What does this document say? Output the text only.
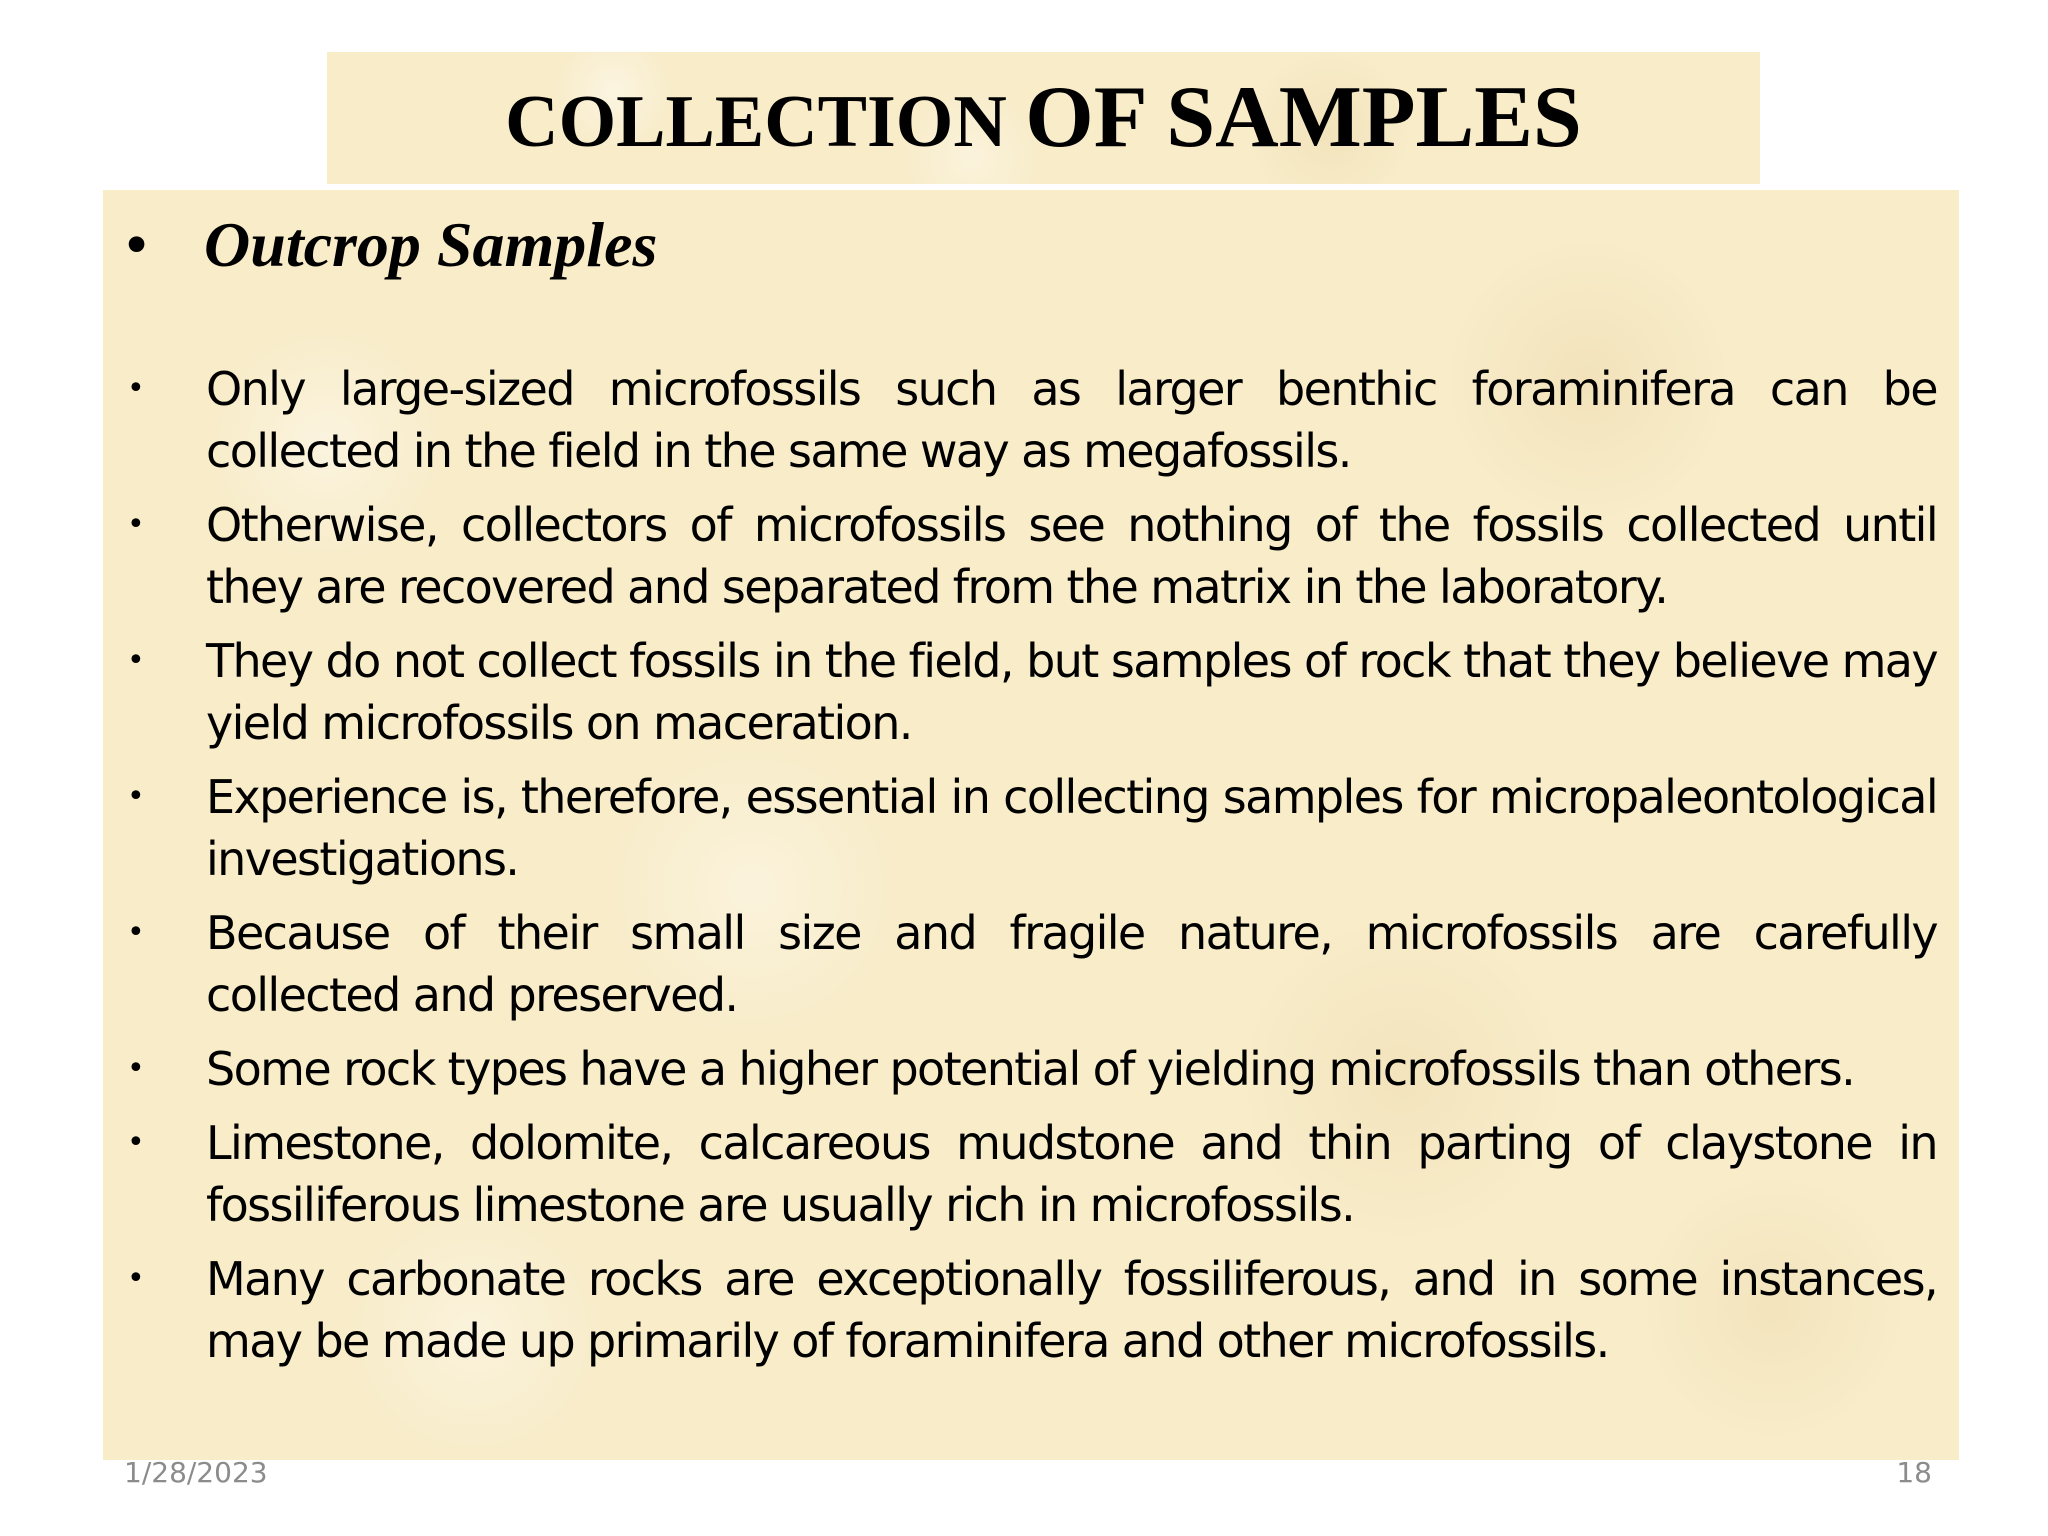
COLLECTION OF SAMPLES
• Outcrop Samples
•	Only large-sized microfossils such as larger benthic foraminifera can be collected in the field in the same way as megafossils.
•	Otherwise, collectors of microfossils see nothing of the fossils collected until they are recovered and separated from the matrix in the laboratory.
•	They do not collect fossils in the field, but samples of rock that they believe may yield microfossils on maceration.
•	Experience is, therefore, essential in collecting samples for micropaleontological investigations.
•	Because of their small size and fragile nature, microfossils are carefully collected and preserved.
•	Some rock types have a higher potential of yielding microfossils than others.
•	Limestone, dolomite, calcareous mudstone and thin parting of claystone in fossiliferous limestone are usually rich in microfossils.
•	Many carbonate rocks are exceptionally fossiliferous, and in some instances, may be made up primarily of foraminifera and other microfossils.
1/28/2023	18
